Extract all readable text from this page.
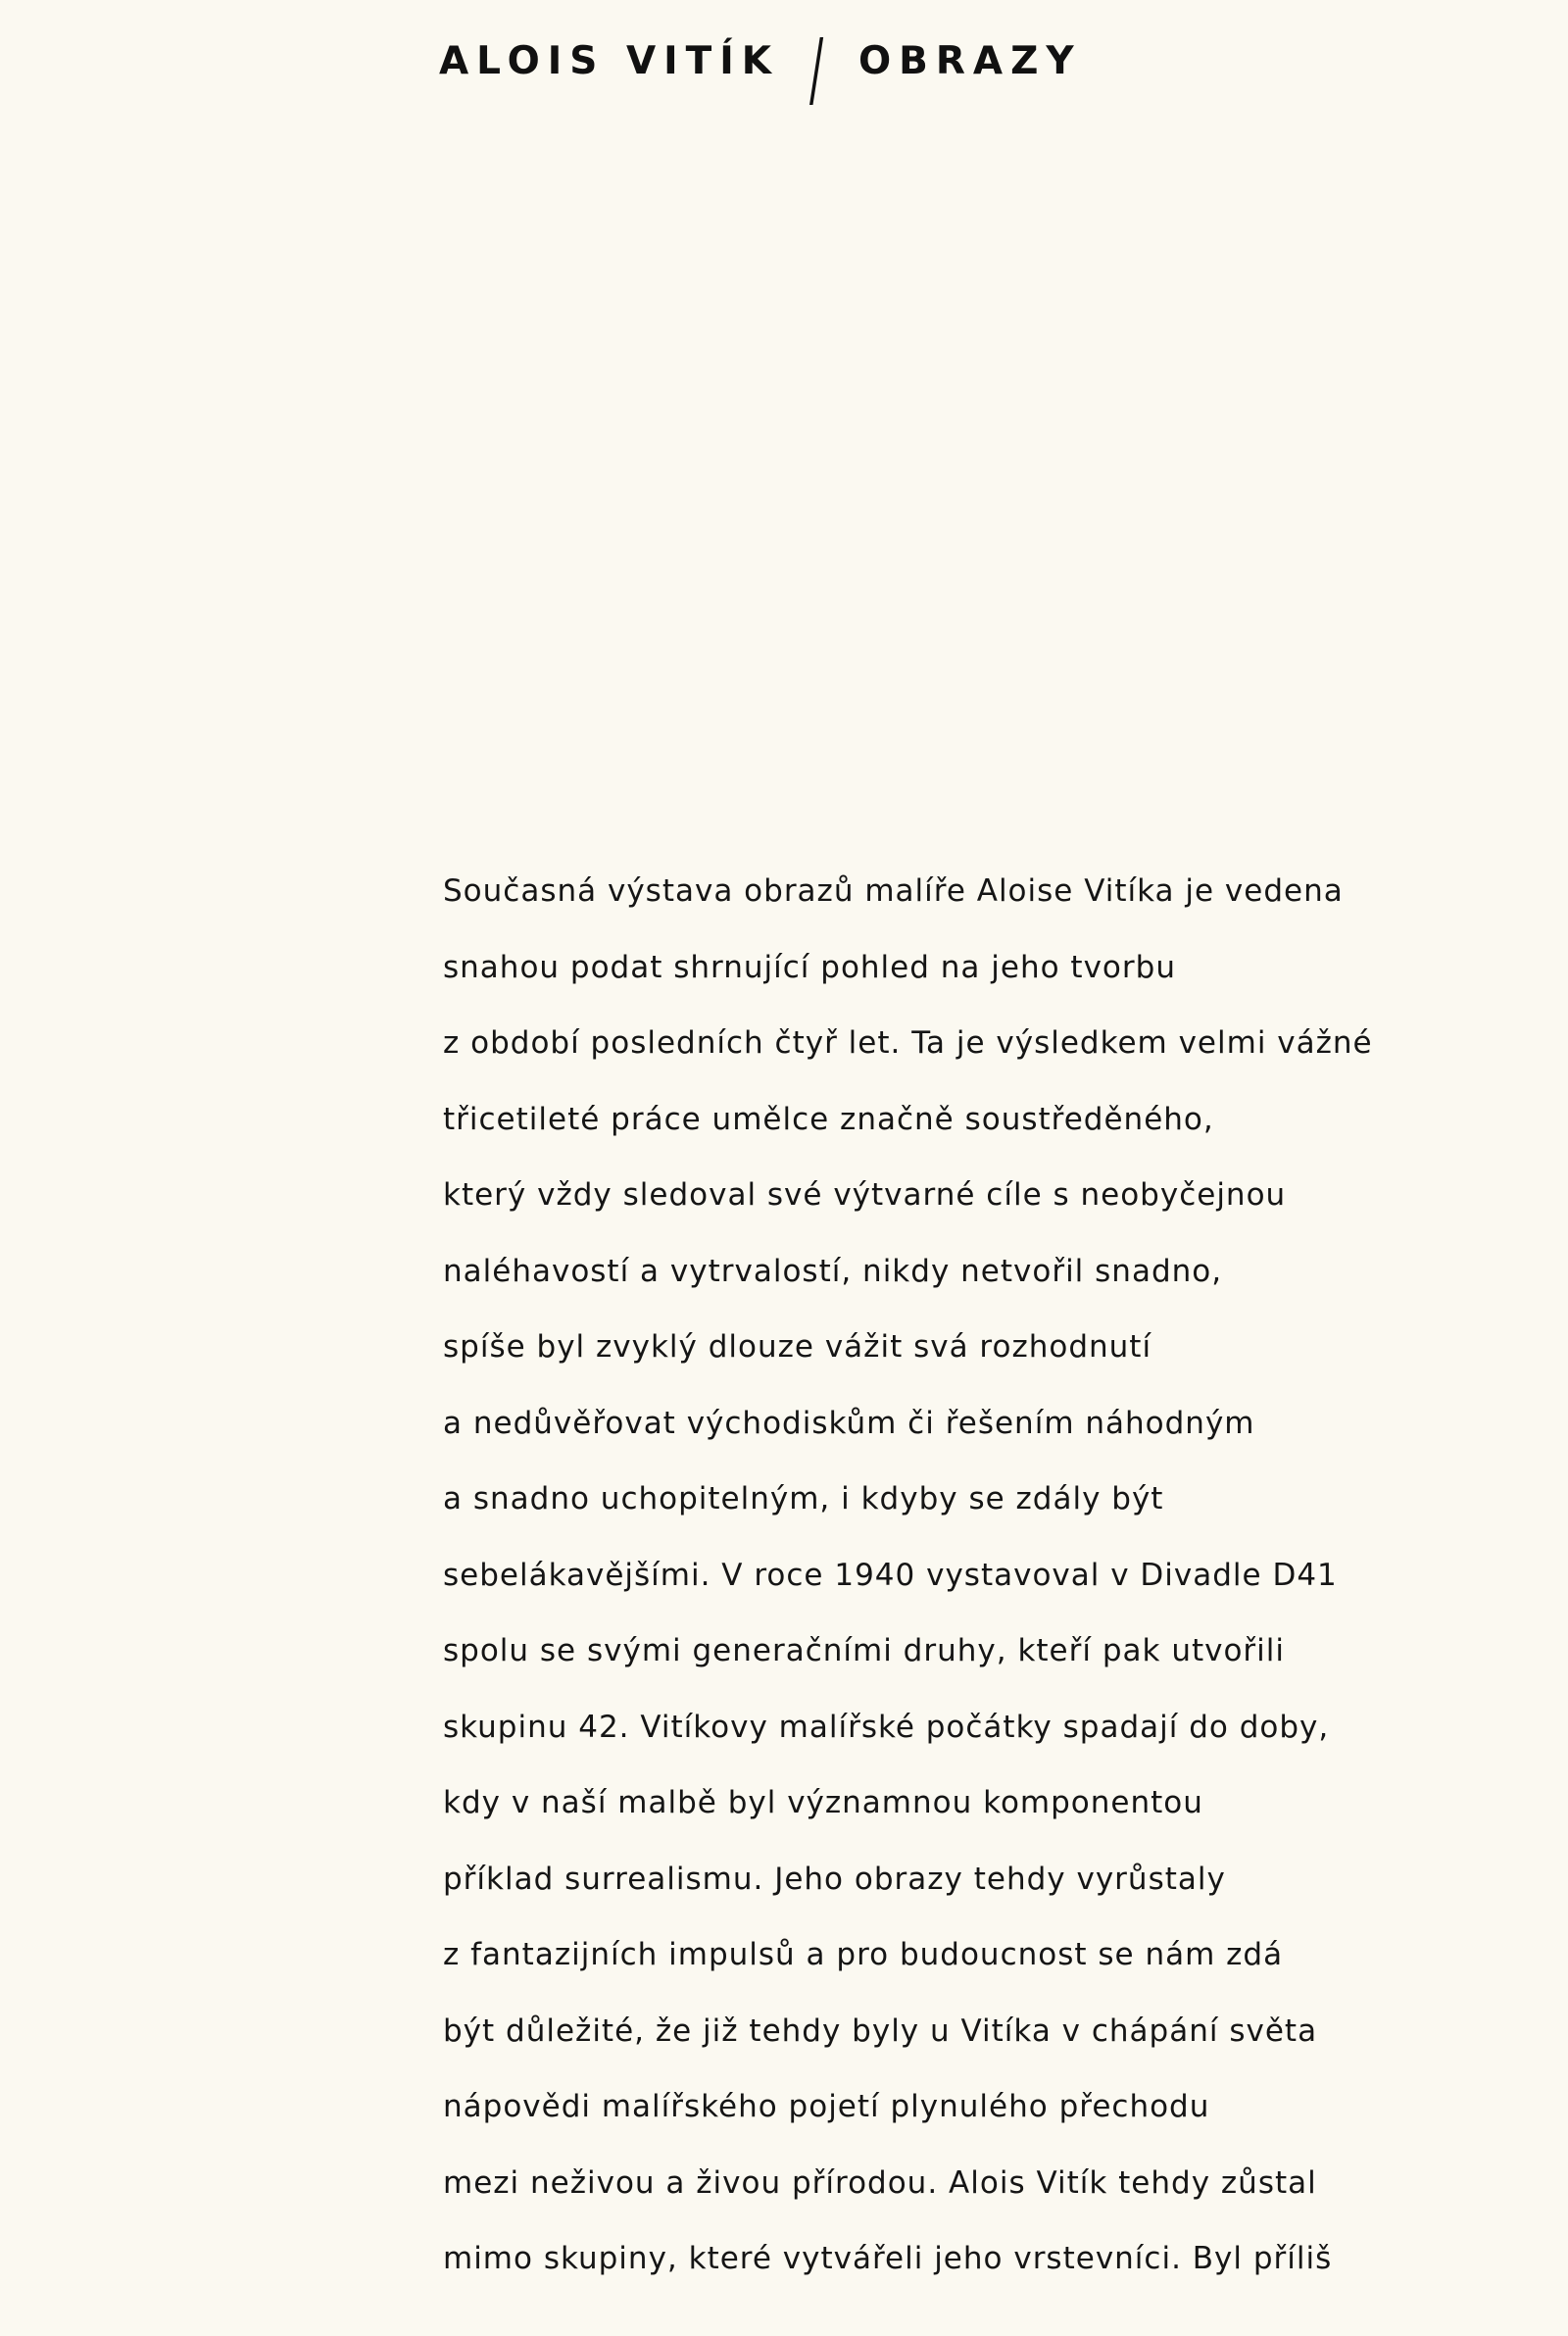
ALOIS VITÍK / OBRAZY
Současná výstava obrazů malíře Aloise Vitíka je vedena
snahou podat shrnující pohled na jeho tvorbu
z období posledních čtyř let. Ta je výsledkem velmi vážné
třicetileté práce umělce značně soustředěného,
který vždy sledoval své výtvarné cíle s neobyčejnou
naléhavostí a vytrvalostí, nikdy netvořil snadno,
spíše byl zvyklý dlouze vážit svá rozhodnutí
a nedůvěřovat východiskům či řešením náhodným
a snadno uchopitelným, i kdyby se zdály být
sebelákavějšími. V roce 1940 vystavoval v Divadle D41
spolu se svými generačními druhy, kteří pak utvořili
skupinu 42. Vitíkovy malířské počátky spadají do doby,
kdy v naší malbě byl významnou komponentou
příklad surrealismu. Jeho obrazy tehdy vyrůstaly
z fantazijních impulsů a pro budoucnost se nám zdá
být důležité, že již tehdy byly u Vitíka v chápání světa
nápovědi malířského pojetí plynulého přechodu
mezi neživou a živou přírodou. Alois Vitík tehdy zůstal
mimo skupiny, které vytvářeli jeho vrstevníci. Byl příliš
